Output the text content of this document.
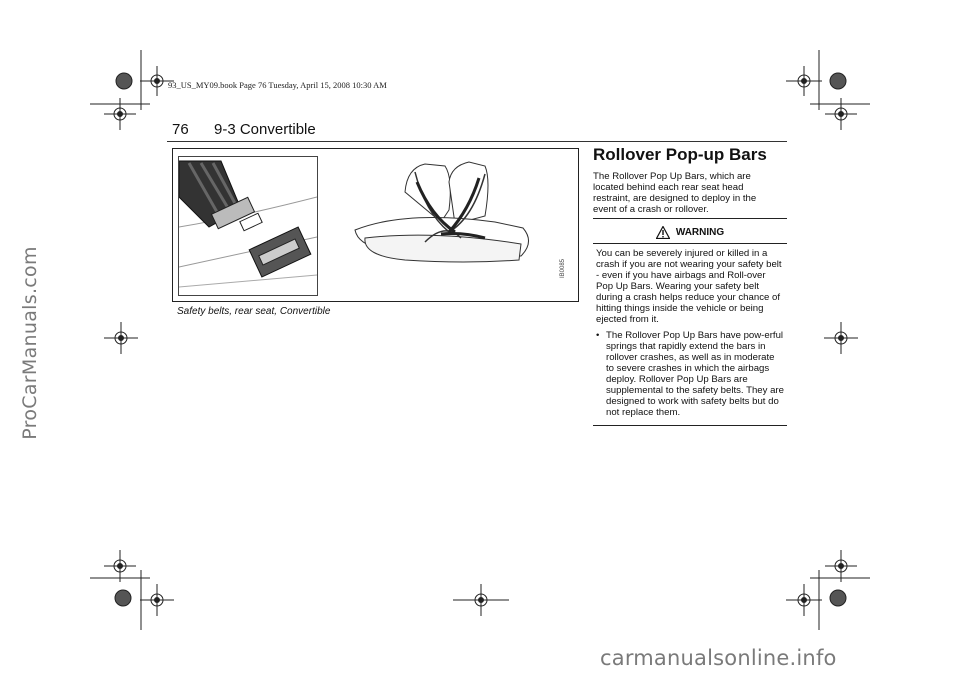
ProCarManuals.com
93_US_MY09.book Page 76 Tuesday, April 15, 2008 10:30 AM
76 9-3 Convertible
IB0085
Safety belts, rear seat, Convertible
Rollover Pop-up Bars
The Rollover Pop Up Bars, which are located behind each rear seat head restraint, are designed to deploy in the event of a crash or rollover.
WARNING
You can be severely injured or killed in a crash if you are not wearing your safety belt - even if you have airbags and Roll-over Pop Up Bars. Wearing your safety belt during a crash helps reduce your chance of hitting things inside the vehicle or being ejected from it.
• The Rollover Pop Up Bars have pow-erful springs that rapidly extend the bars in rollover crashes, as well as in moderate to severe crashes in which the airbags deploy. Rollover Pop Up Bars are supplemental to the safety belts. They are designed to work with safety belts but do not replace them.
carmanualsonline.info
